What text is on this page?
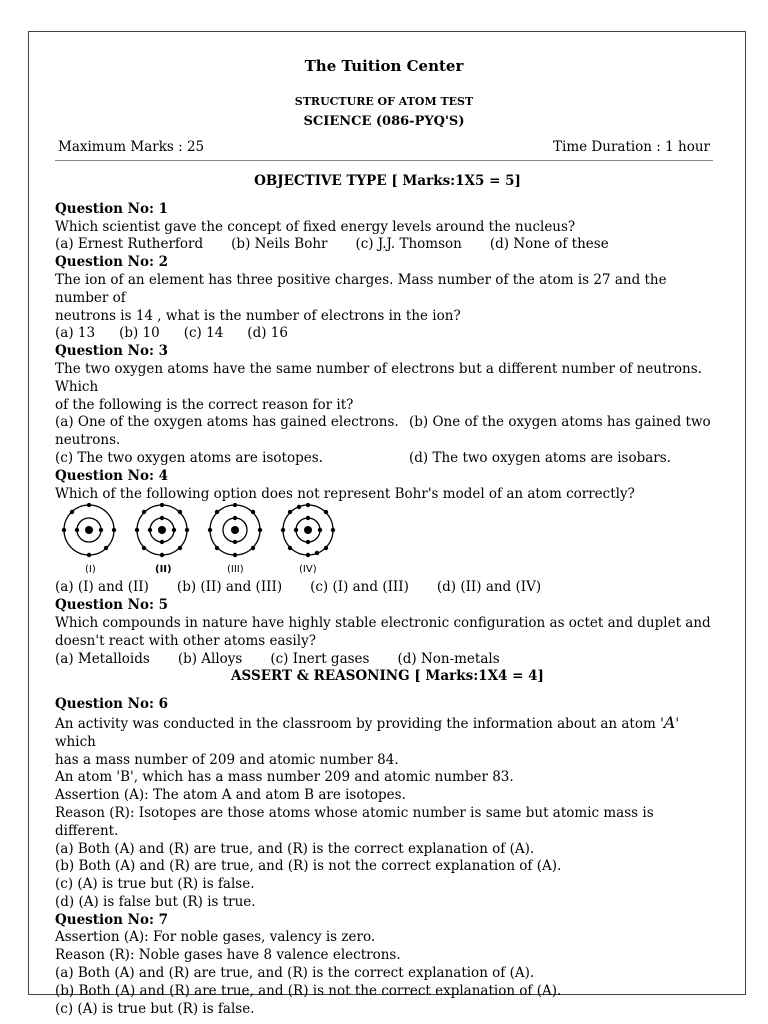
The Tuition Center
STRUCTURE OF ATOM TEST
SCIENCE (086-PYQ'S)
Maximum Marks : 25	Time Duration : 1 hour
OBJECTIVE TYPE [ Marks:1X5 = 5]
Question No: 1
Which scientist gave the concept of fixed energy levels around the nucleus?
(a) Ernest Rutherford (b) Neils Bohr (c) J.J. Thomson (d) None of these
Question No: 2
The ion of an element has three positive charges. Mass number of the atom is 27 and the number of
neutrons is 14 , what is the number of electrons in the ion?
(a) 13 (b) 10 (c) 14 (d) 16
Question No: 3
The two oxygen atoms have the same number of electrons but a different number of neutrons. Which
of the following is the correct reason for it?
(a) One of the oxygen atoms has gained electrons. (b) One of the oxygen atoms has gained two
neutrons.
(c) The two oxygen atoms are isotopes.	(d) The two oxygen atoms are isobars.
Question No: 4
Which of the following option does not represent Bohr's model of an atom correctly?
(I)	(II)	(III)	(IV)
(a) (I) and (II) (b) (II) and (III) (c) (I) and (III) (d) (II) and (IV)
Question No: 5
Which compounds in nature have highly stable electronic configuration as octet and duplet and
doesn't react with other atoms easily?
(a) Metalloids (b) Alloys (c) Inert gases (d) Non-metals
ASSERT & REASONING [ Marks:1X4 = 4]
Question No: 6
An activity was conducted in the classroom by providing the information about an atom 'A' which
has a mass number of 209 and atomic number 84.
An atom 'B', which has a mass number 209 and atomic number 83.
Assertion (A): The atom A and atom B are isotopes.
Reason (R): Isotopes are those atoms whose atomic number is same but atomic mass is different.
(a) Both (A) and (R) are true, and (R) is the correct explanation of (A).
(b) Both (A) and (R) are true, and (R) is not the correct explanation of (A).
(c) (A) is true but (R) is false.
(d) (A) is false but (R) is true.
Question No: 7
Assertion (A): For noble gases, valency is zero.
Reason (R): Noble gases have 8 valence electrons.
(a) Both (A) and (R) are true, and (R) is the correct explanation of (A).
(b) Both (A) and (R) are true, and (R) is not the correct explanation of (A).
(c) (A) is true but (R) is false.
